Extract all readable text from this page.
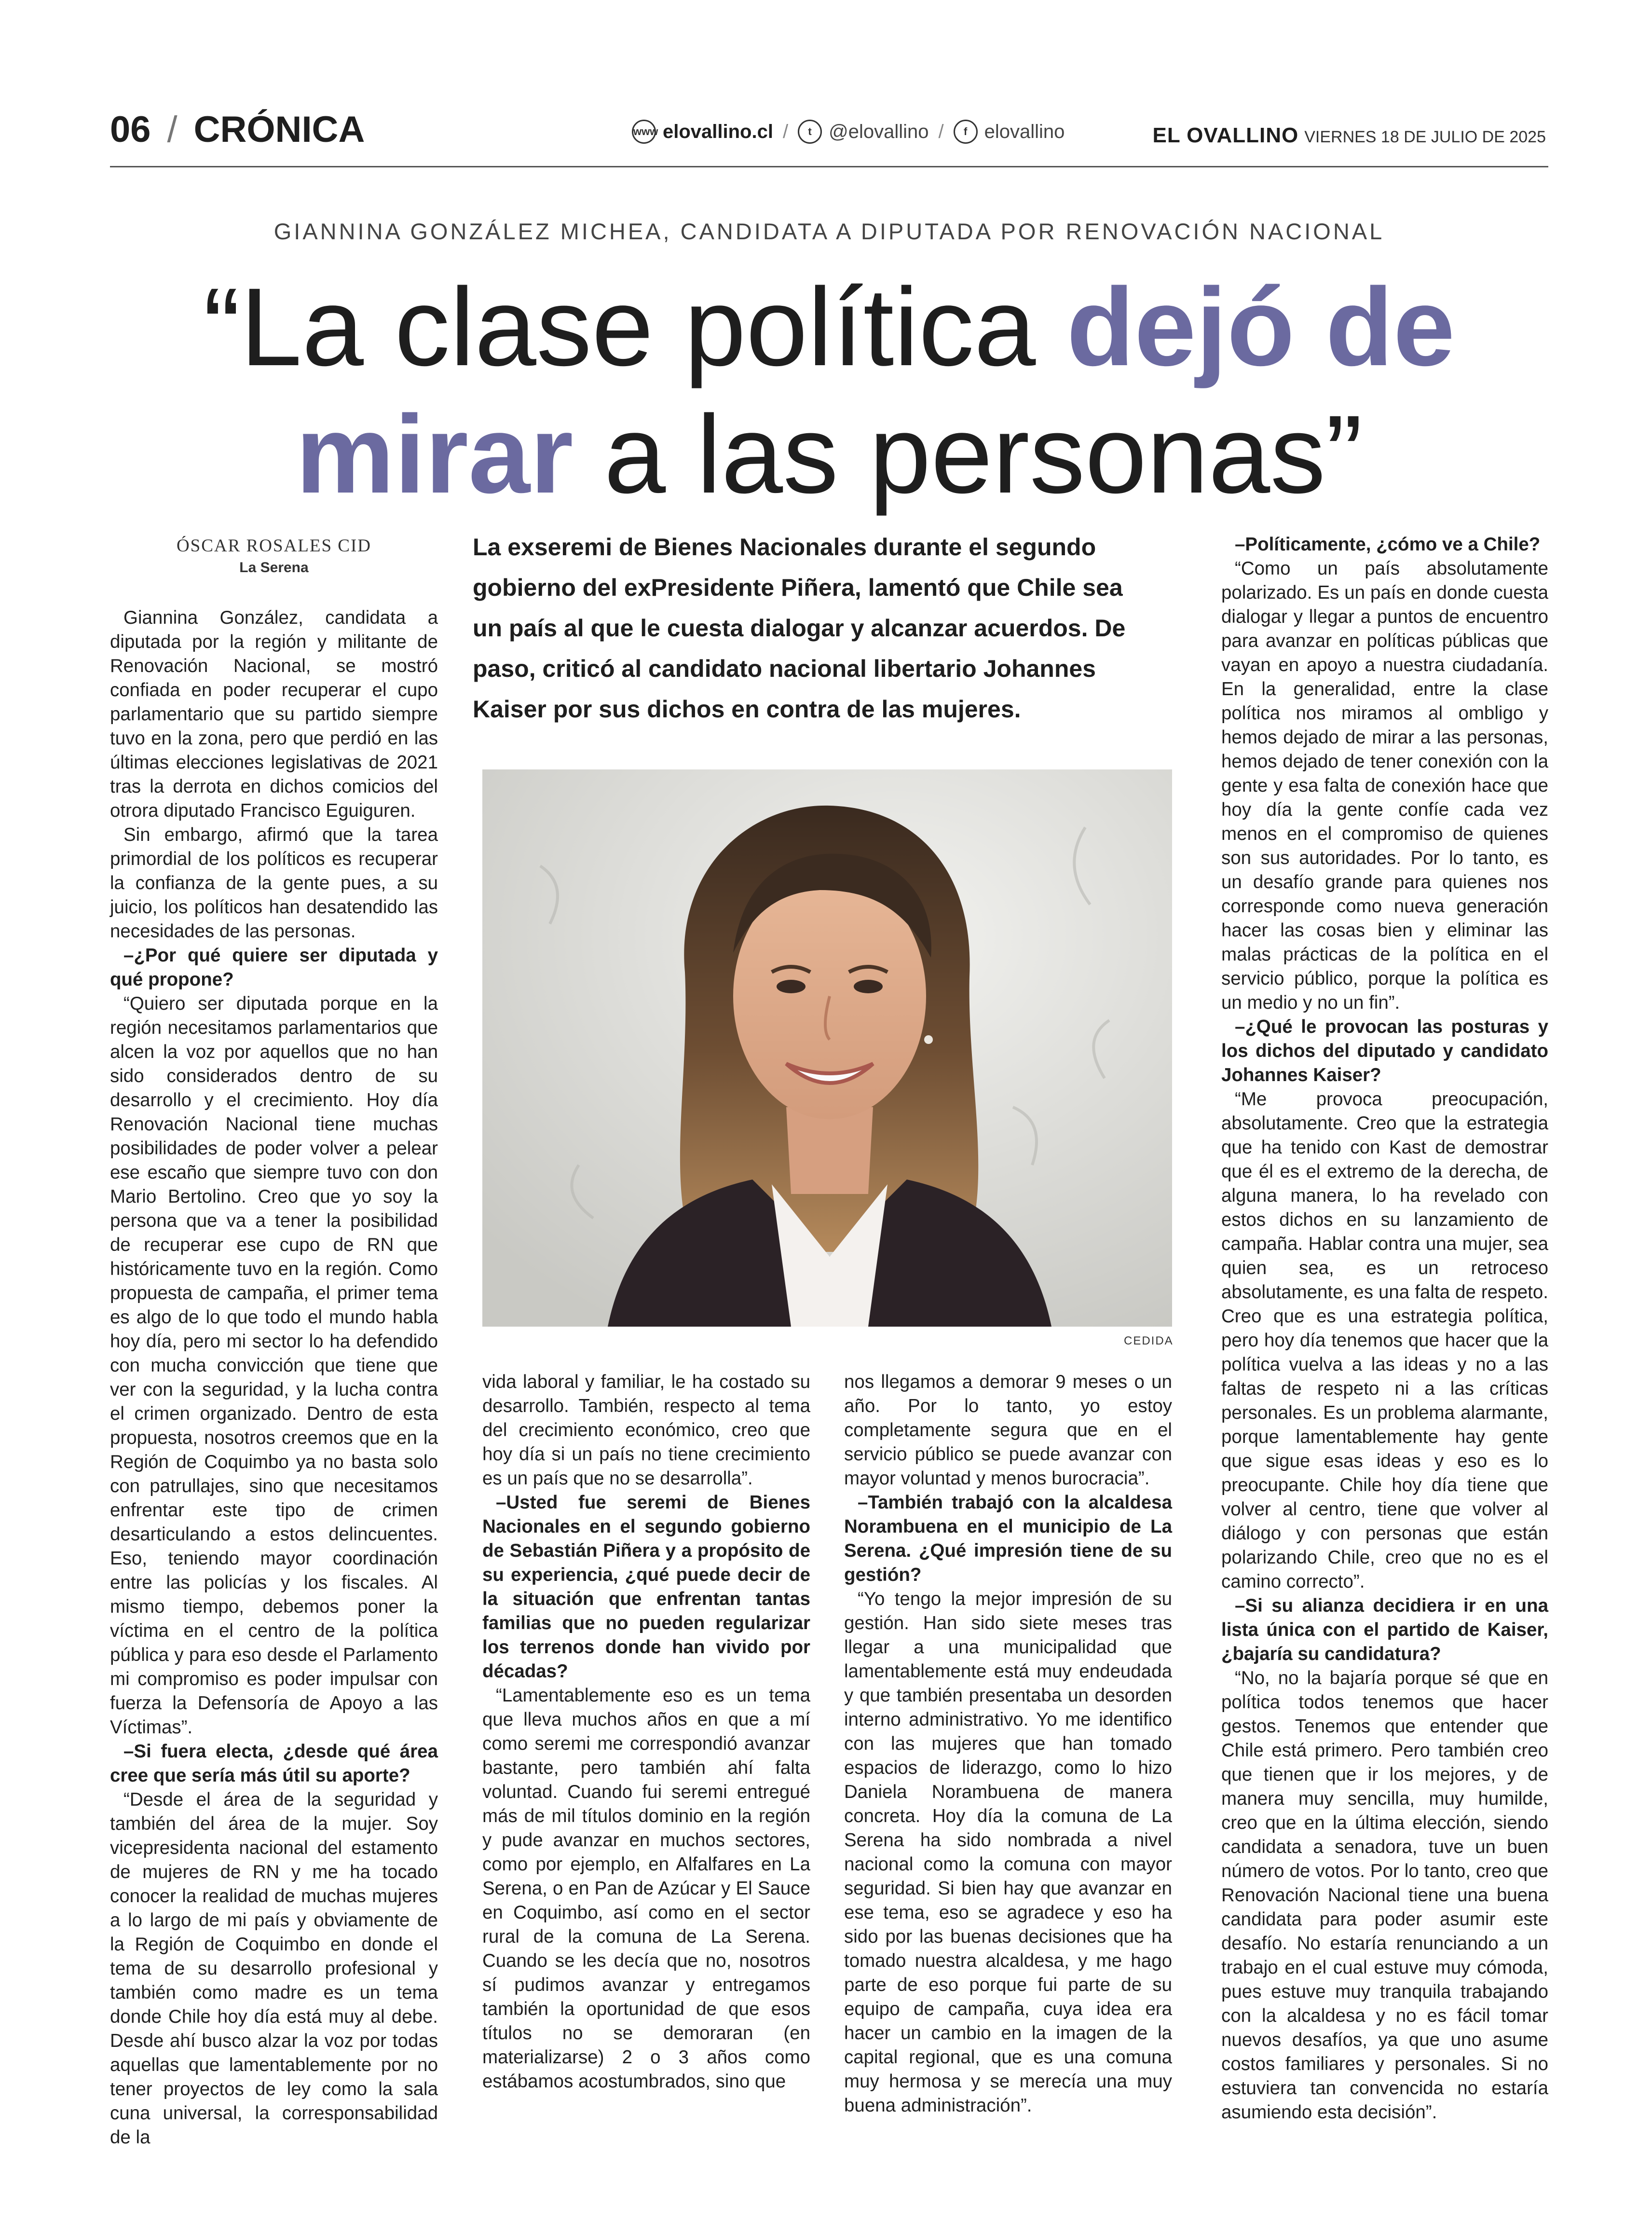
06 / CRÓNICA	www elovallino.cl /	t @elovallino /	f elovallino	EL OVALLINO VIERNES 18 DE JULIO DE 2025
GIANNINA GONZÁLEZ MICHEA, CANDIDATA A DIPUTADA POR RENOVACIÓN NACIONAL
“La clase política dejó de
mirar a las personas”
ÓSCAR ROSALES CID
La Serena
La exseremi de Bienes Nacionales durante el segundo gobierno del exPresidente Piñera, lamentó que Chile sea un país al que le cuesta dialogar y alcanzar acuerdos. De paso, criticó al candidato nacional libertario Johannes Kaiser por sus dichos en contra de las mujeres.
CEDIDA

Giannina González, candidata a diputada por la región y militante de Renovación Nacional, se mostró confiada en poder recuperar el cupo parlamentario que su partido siempre tuvo en la zona, pero que perdió en las últimas elecciones legislativas de 2021 tras la derrota en dichos comicios del otrora diputado Francisco Eguiguren.

Sin embargo, afirmó que la tarea primordial de los políticos es recuperar la confianza de la gente pues, a su juicio, los políticos han desatendido las necesidades de las personas.

–¿Por qué quiere ser diputada y qué propone?

“Quiero ser diputada porque en la región necesitamos parlamentarios que alcen la voz por aquellos que no han sido considerados dentro de su desarrollo y el crecimiento. Hoy día Renovación Nacional tiene muchas posibilidades de poder volver a pelear ese escaño que siempre tuvo con don Mario Bertolino. Creo que yo soy la persona que va a tener la posibilidad de recuperar ese cupo de RN que históricamente tuvo en la región. Como propuesta de campaña, el primer tema es algo de lo que todo el mundo habla hoy día, pero mi sector lo ha defendido con mucha convicción que tiene que ver con la seguridad, y la lucha contra el crimen organizado. Dentro de esta propuesta, nosotros creemos que en la Región de Coquimbo ya no basta solo con patrullajes, sino que necesitamos enfrentar este tipo de crimen desarticulando a estos delincuentes. Eso, teniendo mayor coordinación entre las policías y los fiscales. Al mismo tiempo, debemos poner la víctima en el centro de la política pública y para eso desde el Parlamento mi compromiso es poder impulsar con fuerza la Defensoría de Apoyo a las Víctimas”.

–Si fuera electa, ¿desde qué área cree que sería más útil su aporte?

“Desde el área de la seguridad y también del área de la mujer. Soy vicepresidenta nacional del estamento de mujeres de RN y me ha tocado conocer la realidad de muchas mujeres a lo largo de mi país y obviamente de la Región de Coquimbo en donde el tema de su desarrollo profesional y también como madre es un tema donde Chile hoy día está muy al debe. Desde ahí busco alzar la voz por todas aquellas que lamentablemente por no tener proyectos de ley como la sala cuna universal, la corresponsabilidad de la

vida laboral y familiar, le ha costado su desarrollo. También, respecto al tema del crecimiento económico, creo que hoy día si un país no tiene crecimiento es un país que no se desarrolla”.

–Usted fue seremi de Bienes Nacionales en el segundo gobierno de Sebastián Piñera y a propósito de su experiencia, ¿qué puede decir de la situación que enfrentan tantas familias que no pueden regularizar los terrenos donde han vivido por décadas?

“Lamentablemente eso es un tema que lleva muchos años en que a mí como seremi me correspondió avanzar bastante, pero también ahí falta voluntad. Cuando fui seremi entregué más de mil títulos dominio en la región y pude avanzar en muchos sectores, como por ejemplo, en Alfalfares en La Serena, o en Pan de Azúcar y El Sauce en Coquimbo, así como en el sector rural de la comuna de La Serena. Cuando se les decía que no, nosotros sí pudimos avanzar y entregamos también la oportunidad de que esos títulos no se demoraran (en materializarse) 2 o 3 años como estábamos acostumbrados, sino que

nos llegamos a demorar 9 meses o un año. Por lo tanto, yo estoy completamente segura que en el servicio público se puede avanzar con mayor voluntad y menos burocracia”.

–También trabajó con la alcaldesa Norambuena en el municipio de La Serena. ¿Qué impresión tiene de su gestión?

“Yo tengo la mejor impresión de su gestión. Han sido siete meses tras llegar a una municipalidad que lamentablemente está muy endeudada y que también presentaba un desorden interno administrativo. Yo me identifico con las mujeres que han tomado espacios de liderazgo, como lo hizo Daniela Norambuena de manera concreta. Hoy día la comuna de La Serena ha sido nombrada a nivel nacional como la comuna con mayor seguridad. Si bien hay que avanzar en ese tema, eso se agradece y eso ha sido por las buenas decisiones que ha tomado nuestra alcaldesa, y me hago parte de eso porque fui parte de su equipo de campaña, cuya idea era hacer un cambio en la imagen de la capital regional, que es una comuna muy hermosa y se merecía una muy buena administración”.

–Políticamente, ¿cómo ve a Chile?

“Como un país absolutamente polarizado. Es un país en donde cuesta dialogar y llegar a puntos de encuentro para avanzar en políticas públicas que vayan en apoyo a nuestra ciudadanía. En la generalidad, entre la clase política nos miramos al ombligo y hemos dejado de mirar a las personas, hemos dejado de tener conexión con la gente y esa falta de conexión hace que hoy día la gente confíe cada vez menos en el compromiso de quienes son sus autoridades. Por lo tanto, es un desafío grande para quienes nos corresponde como nueva generación hacer las cosas bien y eliminar las malas prácticas de la política en el servicio público, porque la política es un medio y no un fin”.

–¿Qué le provocan las posturas y los dichos del diputado y candidato Johannes Kaiser?

“Me provoca preocupación, absolutamente. Creo que la estrategia que ha tenido con Kast de demostrar que él es el extremo de la derecha, de alguna manera, lo ha revelado con estos dichos en su lanzamiento de campaña. Hablar contra una mujer, sea quien sea, es un retroceso absolutamente, es una falta de respeto. Creo que es una estrategia política, pero hoy día tenemos que hacer que la política vuelva a las ideas y no a las faltas de respeto ni a las críticas personales. Es un problema alarmante, porque lamentablemente hay gente que sigue esas ideas y eso es lo preocupante. Chile hoy día tiene que volver al centro, tiene que volver al diálogo y con personas que están polarizando Chile, creo que no es el camino correcto”.

–Si su alianza decidiera ir en una lista única con el partido de Kaiser, ¿bajaría su candidatura?

“No, no la bajaría porque sé que en política todos tenemos que hacer gestos. Tenemos que entender que Chile está primero. Pero también creo que tienen que ir los mejores, y de manera muy sencilla, muy humilde, creo que en la última elección, siendo candidata a senadora, tuve un buen número de votos. Por lo tanto, creo que Renovación Nacional tiene una buena candidata para poder asumir este desafío. No estaría renunciando a un trabajo en el cual estuve muy cómoda, pues estuve muy tranquila trabajando con la alcaldesa y no es fácil tomar nuevos desafíos, ya que uno asume costos familiares y personales. Si no estuviera tan convencida no estaría asumiendo esta decisión”.
